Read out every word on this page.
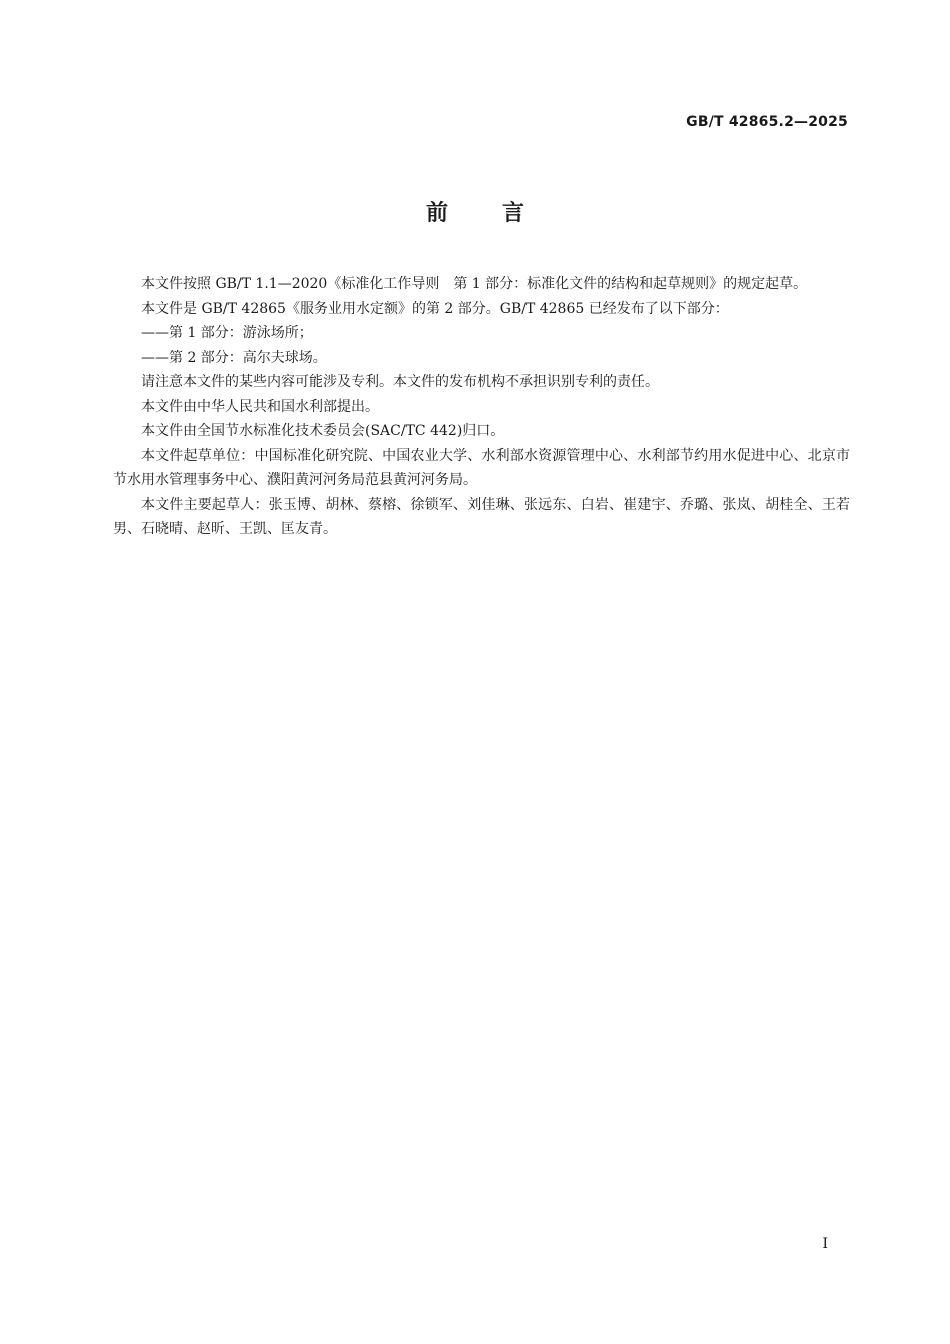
GB/T 42865.2—2025
前言

本文件按照 GB/T 1.1—2020《标准化工作导则　第 1 部分：标准化文件的结构和起草规则》的规定起草。

本文件是 GB/T 42865《服务业用水定额》的第 2 部分。GB/T 42865 已经发布了以下部分：

——第 1 部分：游泳场所；

——第 2 部分：高尔夫球场。

请注意本文件的某些内容可能涉及专利。本文件的发布机构不承担识别专利的责任。

本文件由中华人民共和国水利部提出。

本文件由全国节水标准化技术委员会(SAC/TC 442)归口。

本文件起草单位：中国标准化研究院、中国农业大学、水利部水资源管理中心、水利部节约用水促进中心、北京市节水用水管理事务中心、濮阳黄河河务局范县黄河河务局。

本文件主要起草人：张玉博、胡林、蔡榕、徐锁军、刘佳琳、张远东、白岩、崔建宇、乔璐、张岚、胡桂全、王若男、石晓晴、赵昕、王凯、匡友青。

I
